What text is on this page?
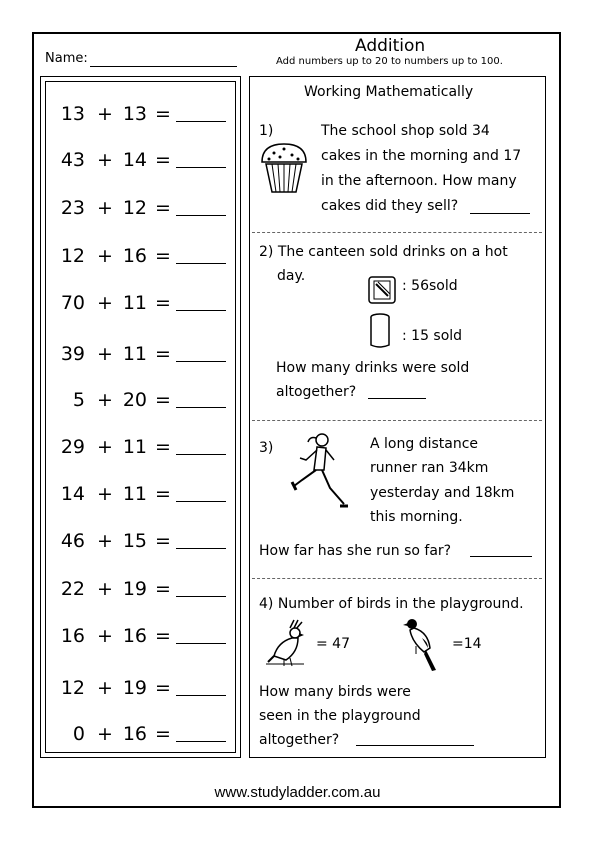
Addition
Add numbers up to 20 to numbers up to 100.
Name:
13 + 13 =
43 + 14 =
23 + 12 =
12 + 16 =
70 + 11 =
39 + 11 =
5 + 20 =
29 + 11 =
14 + 11 =
46 + 15 =
22 + 19 =
16 + 16 =
12 + 19 =
0 + 16 =
Working Mathematically
1)	The school shop sold 34
cakes in the morning and 17
in the afternoon. How many
cakes did they sell?
2) The canteen sold drinks on a hot
day.
: 56sold
: 15 sold
How many drinks were sold
altogether?
3)	A long distance
runner ran 34km
yesterday and 18km
this morning.
How far has she run so far?
4) Number of birds in the playground.
= 47	=14
How many birds were
seen in the playground
altogether?
www.studyladder.com.au
